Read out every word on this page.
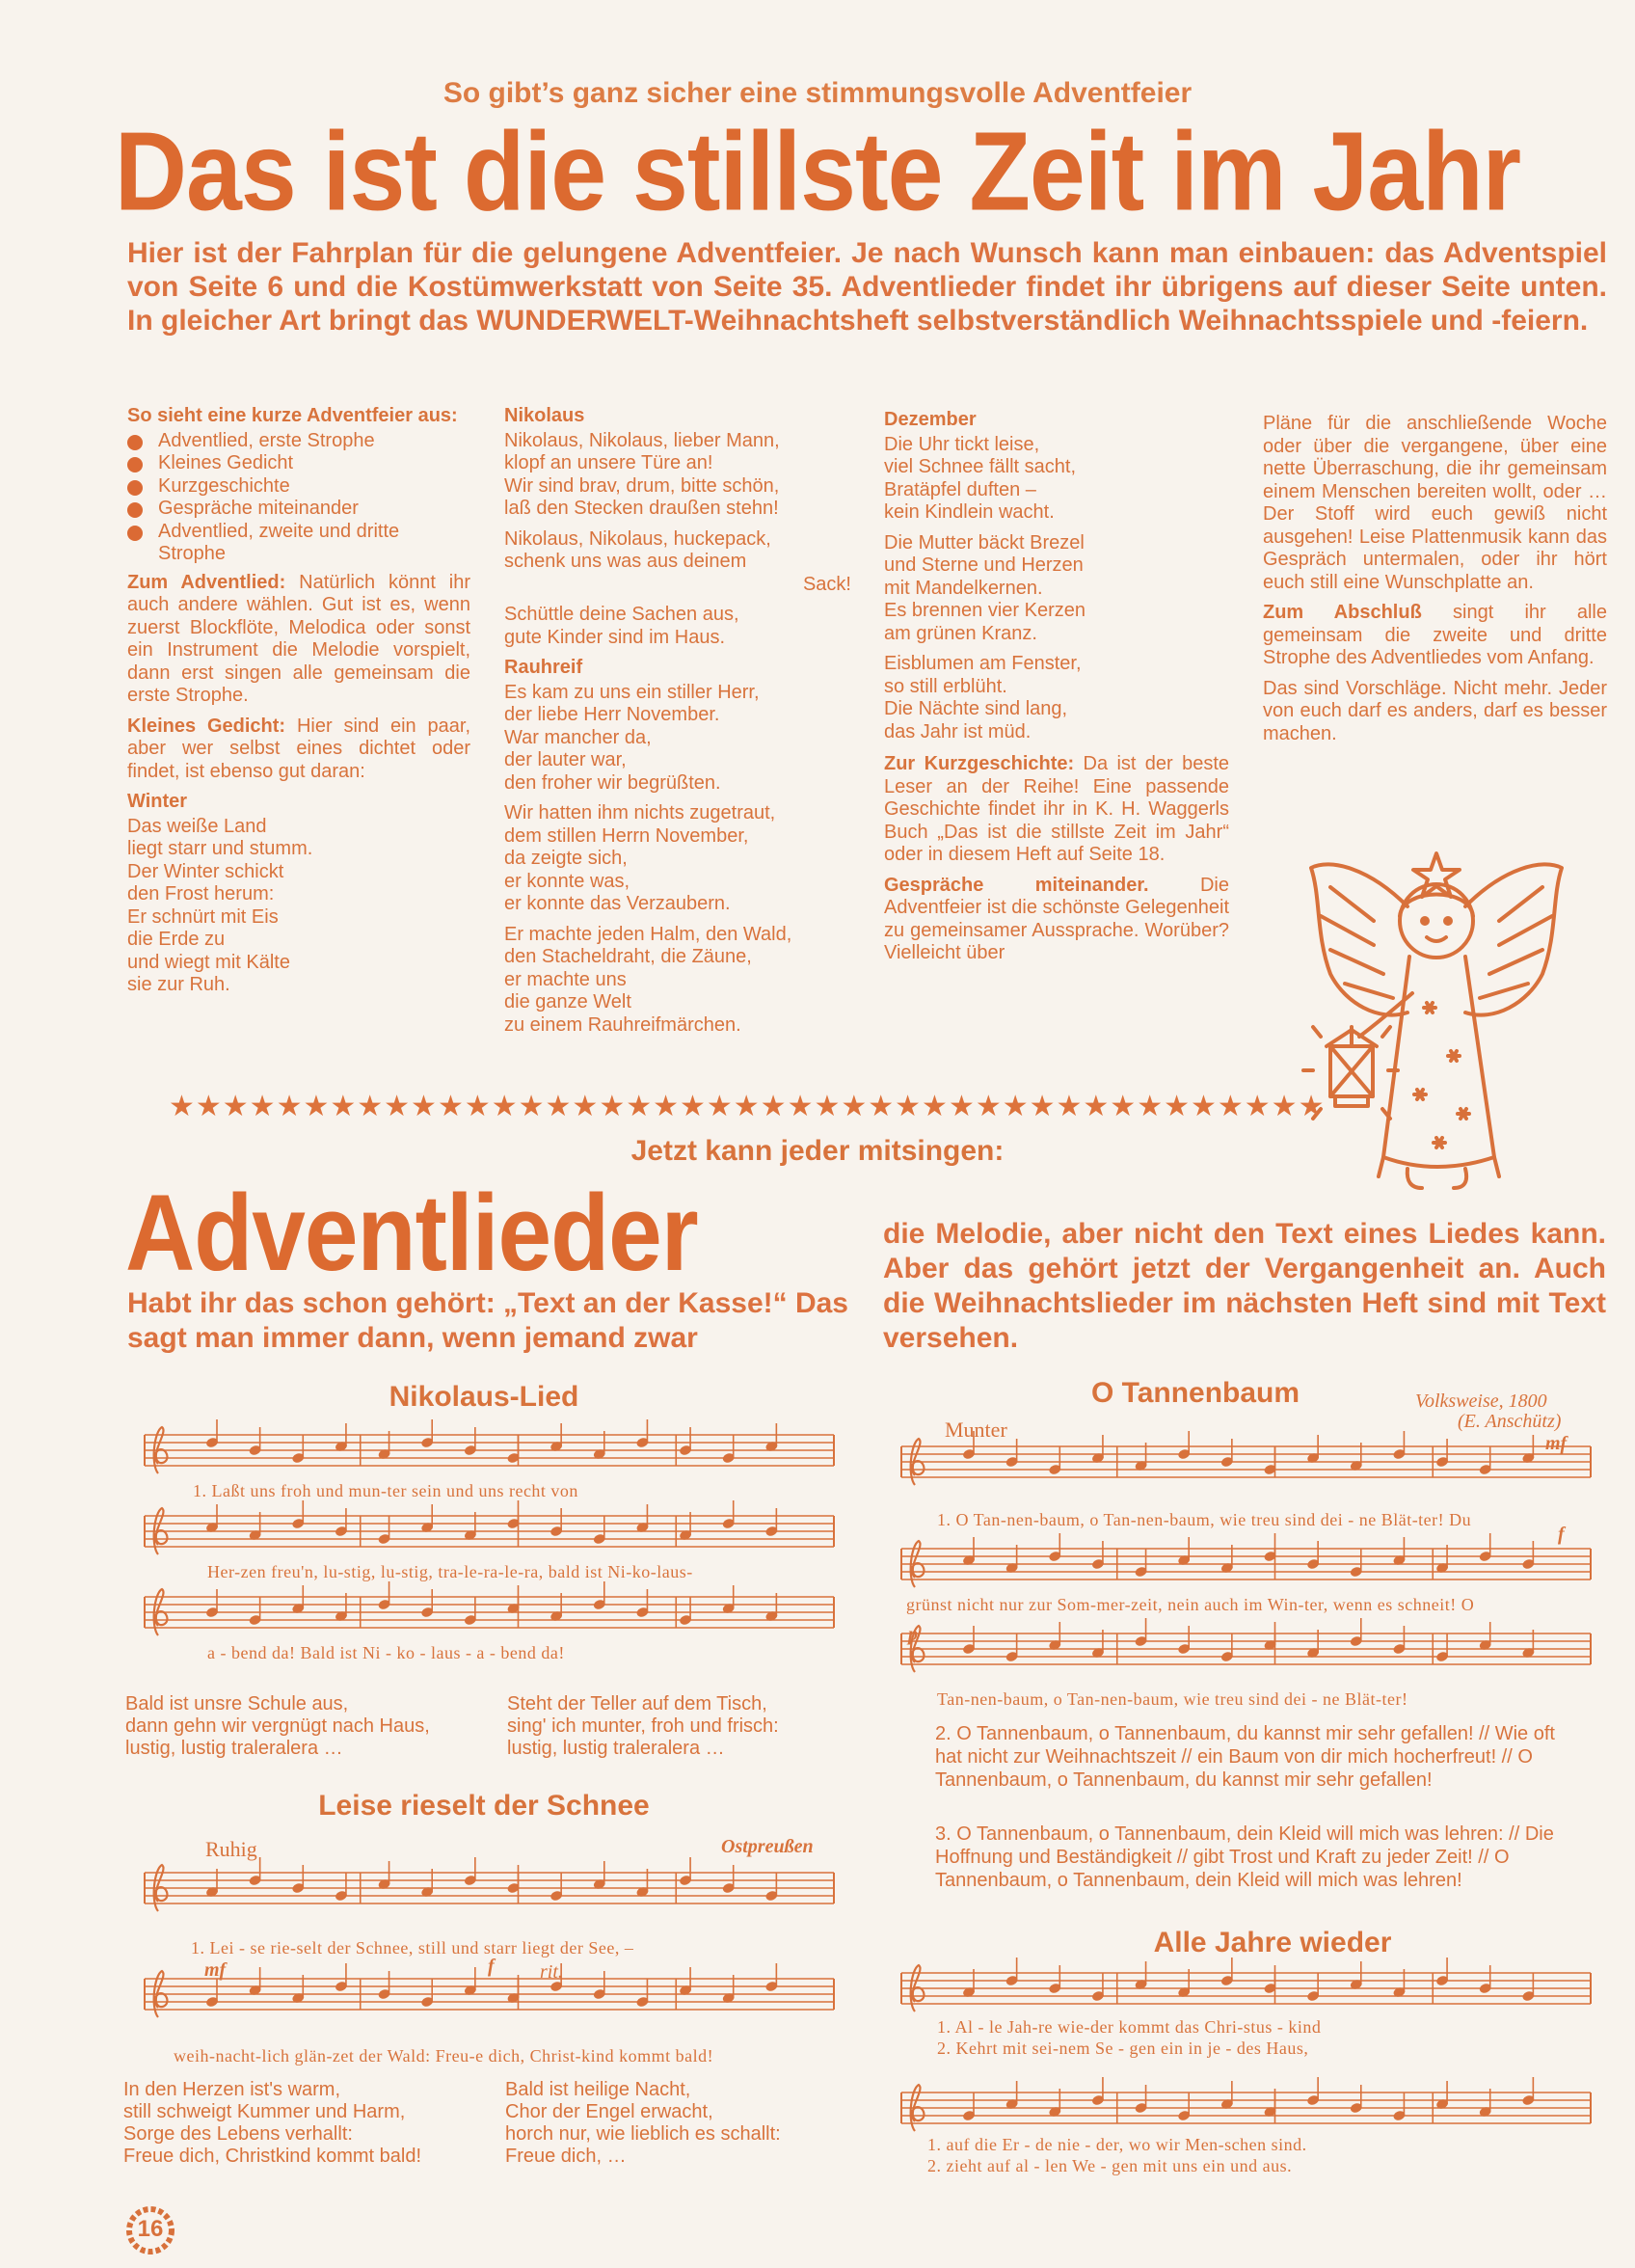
So gibt’s ganz sicher eine stimmungsvolle Adventfeier
Das ist die stillste Zeit im Jahr
Hier ist der Fahrplan für die gelungene Adventfeier. Je nach Wunsch kann man einbauen: das Adventspiel von Seite 6 und die Kostümwerkstatt von Seite 35. Adventlieder findet ihr übrigens auf dieser Seite unten. In gleicher Art bringt das WUNDERWELT-Weihnachtsheft selbstverständlich Weihnachtsspiele und -feiern.

So sieht eine kurze Adventfeier aus:

Adventlied, erste Strophe
Kleines Gedicht
Kurzgeschichte
Gespräche miteinander
Adventlied, zweite und dritte Strophe

Zum Adventlied: Natürlich könnt ihr auch andere wählen. Gut ist es, wenn zuerst Blockflöte, Melodica oder sonst ein Instrument die Melodie vorspielt, dann erst singen alle gemeinsam die erste Strophe.

Kleines Gedicht: Hier sind ein paar, aber wer selbst eines dichtet oder findet, ist ebenso gut daran:

Winter

Das weiße Land

liegt starr und stumm.

Der Winter schickt

den Frost herum:

Er schnürt mit Eis

die Erde zu

und wiegt mit Kälte

sie zur Ruh.

Nikolaus

Nikolaus, Nikolaus, lieber Mann,

klopf an unsere Türe an!

Wir sind brav, drum, bitte schön,

laß den Stecken draußen stehn!

Nikolaus, Nikolaus, huckepack,

schenk uns was aus deinem

Sack!

Schüttle deine Sachen aus,

gute Kinder sind im Haus.

Rauhreif

Es kam zu uns ein stiller Herr,

der liebe Herr November.

War mancher da,

der lauter war,

den froher wir begrüßten.

Wir hatten ihm nichts zugetraut,

dem stillen Herrn November,

da zeigte sich,

er konnte was,

er konnte das Verzaubern.

Er machte jeden Halm, den Wald,

den Stacheldraht, die Zäune,

er machte uns

die ganze Welt

zu einem Rauhreifmärchen.

Dezember

Die Uhr tickt leise,

viel Schnee fällt sacht,

Bratäpfel duften –

kein Kindlein wacht.

Die Mutter bäckt Brezel

und Sterne und Herzen

mit Mandelkernen.

Es brennen vier Kerzen

am grünen Kranz.

Eisblumen am Fenster,

so still erblüht.

Die Nächte sind lang,

das Jahr ist müd.

Zur Kurzgeschichte: Da ist der beste Leser an der Reihe! Eine passende Geschichte findet ihr in K. H. Waggerls Buch „Das ist die stillste Zeit im Jahr“ oder in diesem Heft auf Seite 18.

Gespräche miteinander.	Die Adventfeier ist die schönste Gelegenheit zu gemeinsamer Aussprache. Worüber? Vielleicht über

Pläne für die anschließende Woche oder über die vergangene, über eine nette Überraschung, die ihr gemeinsam einem Menschen bereiten wollt, oder … Der Stoff wird euch gewiß nicht ausgehen! Leise Plattenmusik kann das Gespräch untermalen, oder ihr hört euch still eine Wunschplatte an.

Zum Abschluß singt ihr alle gemeinsam die zweite und dritte Strophe des Adventliedes vom Anfang.

Das sind Vorschläge. Nicht mehr. Jeder von euch darf es anders, darf es besser machen.

★★★★★★★★★★★★★★★★★★★★★★★★★★★★★★★★★★★★★★★★★★★
Jetzt kann jeder mitsingen:
Adventlieder
Habt ihr das schon gehört: „Text an der Kasse!“ Das sagt man immer dann, wenn jemand zwar
die Melodie, aber nicht den Text eines Liedes kann. Aber das gehört jetzt der Vergangenheit an. Auch die Weihnachtslieder im nächsten Heft sind mit Text versehen.
Nikolaus-Lied
1. Laßt uns froh und mun-ter sein und uns recht von
Her-zen freu'n, lu-stig, lu-stig, tra-le-ra-le-ra, bald ist Ni-ko-laus-
a - bend da! Bald ist Ni - ko - laus - a - bend da!

Bald ist unsre Schule aus,

dann gehn wir vergnügt nach Haus,

lustig, lustig traleralera …

Steht der Teller auf dem Tisch,

sing' ich munter, froh und frisch:

lustig, lustig traleralera …

Leise rieselt der Schnee
Ruhig	Ostpreußen
1. Lei - se rie-selt der Schnee, still und starr liegt der See, –
mf	f rit.
weih-nacht-lich glän-zet der Wald: Freu-e dich, Christ-kind kommt bald!

In den Herzen ist's warm,

still schweigt Kummer und Harm,

Sorge des Lebens verhallt:

Freue dich, Christkind kommt bald!

Bald ist heilige Nacht,

Chor der Engel erwacht,

horch nur, wie lieblich es schallt:

Freue dich, …

O Tannenbaum	Volksweise, 1800
(E. Anschütz)
Munter
mf
1. O Tan-nen-baum, o Tan-nen-baum, wie treu sind dei - ne Blät-ter! Du
f
grünst nicht nur zur Som-mer-zeit, nein auch im Win-ter, wenn es schneit! O
p
Tan-nen-baum, o Tan-nen-baum, wie treu sind dei - ne Blät-ter!
2. O Tannenbaum, o Tannenbaum, du kannst mir sehr gefallen! // Wie oft hat nicht zur Weihnachtszeit // ein Baum von dir mich hocherfreut! // O Tannenbaum, o Tannenbaum, du kannst mir sehr gefallen!
3. O Tannenbaum, o Tannenbaum, dein Kleid will mich was lehren: // Die Hoffnung und Beständigkeit // gibt Trost und Kraft zu jeder Zeit! // O Tannenbaum, o Tannenbaum, dein Kleid will mich was lehren!
Alle Jahre wieder
1. Al - le Jah-re wie-der kommt das Chri-stus - kind
2. Kehrt mit sei-nem Se - gen ein in je - des Haus,
1. auf die Er - de nie - der, wo wir Men-schen sind.
2. zieht auf al - len We - gen mit uns ein und aus.
16
